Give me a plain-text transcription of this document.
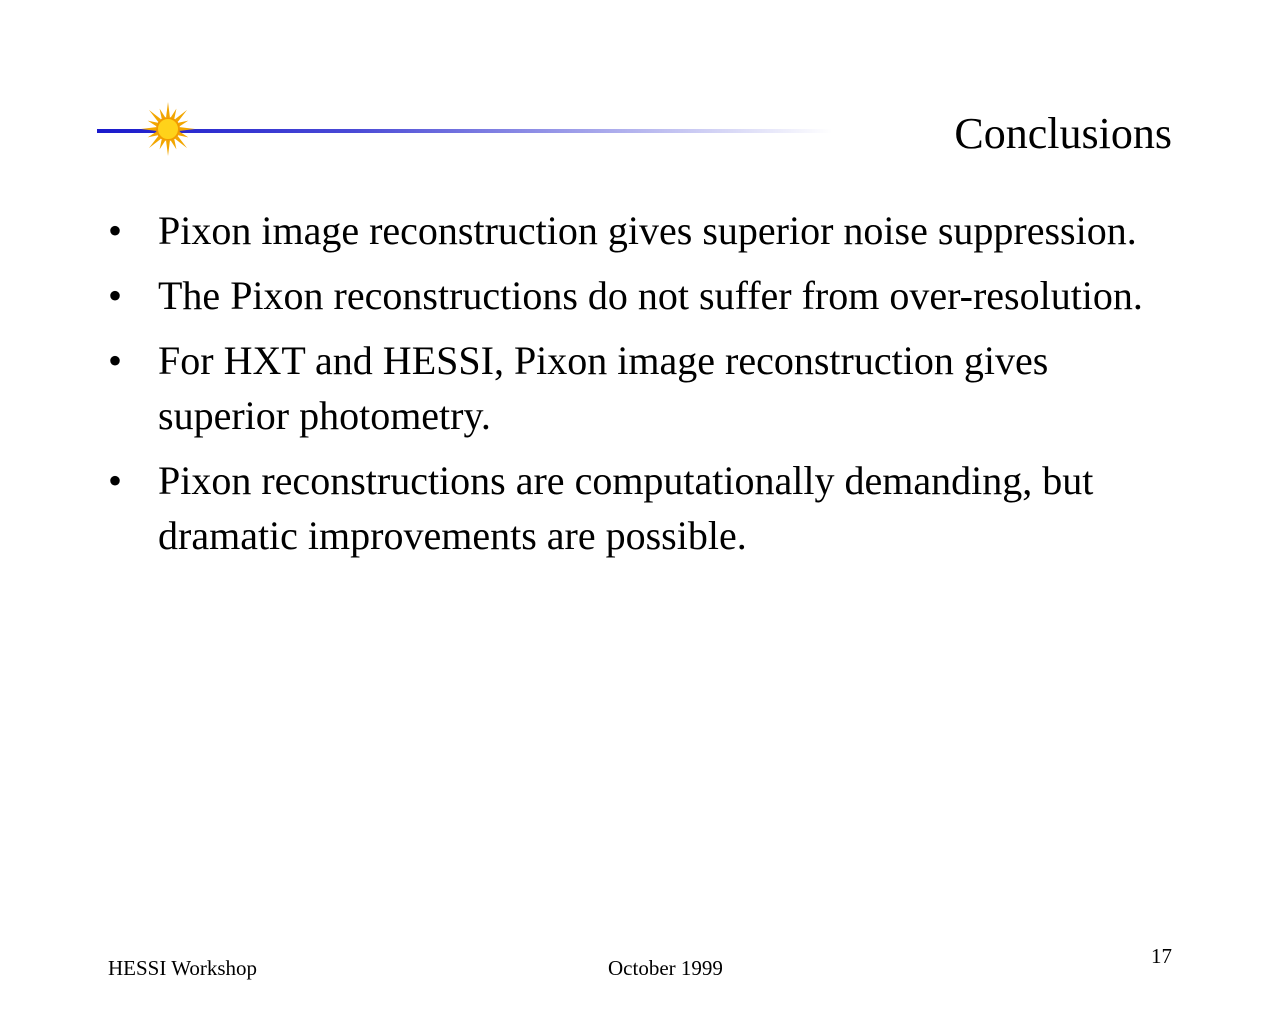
Conclusions
• Pixon image reconstruction gives superior noise suppression.
• The Pixon reconstructions do not suffer from over-resolution.
• For HXT and HESSI, Pixon image reconstruction gives superior photometry.
• Pixon reconstructions are computationally demanding, but dramatic improvements are possible.
HESSI Workshop	October 1999	17
